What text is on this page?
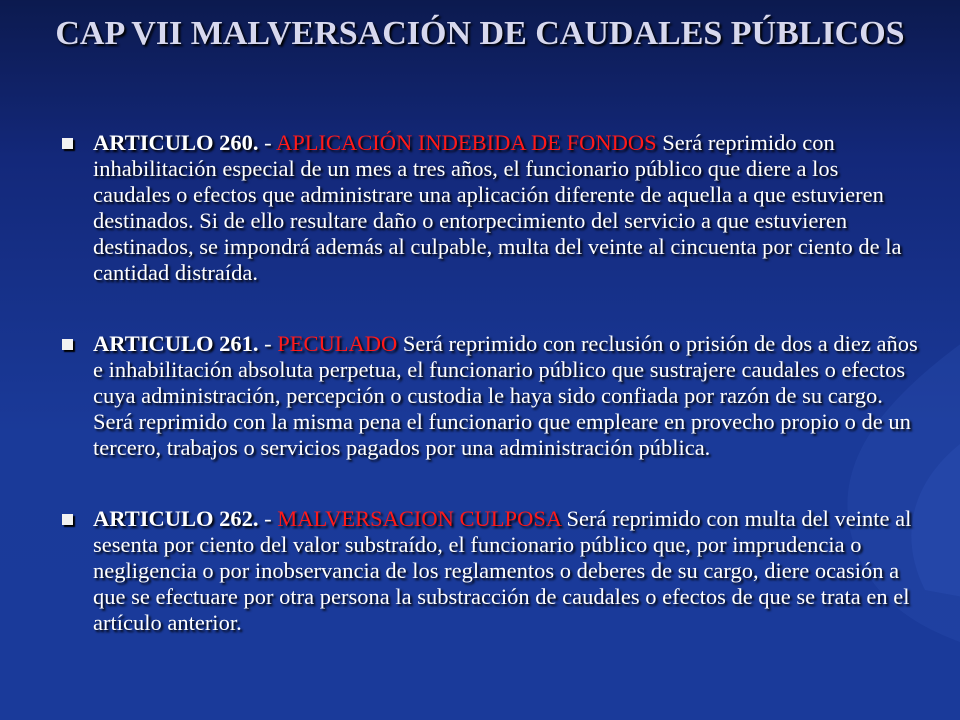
CAP VII MALVERSACIÓN DE CAUDALES PÚBLICOS

ARTICULO 260. - APLICACIÓN INDEBIDA DE FONDOS Será reprimido con inhabilitación especial de un mes a tres años, el funcionario público que diere a los caudales o efectos que administrare una aplicación diferente de aquella a que estuvieren destinados. Si de ello resultare daño o entorpecimiento del servicio a que estuvieren destinados, se impondrá además al culpable, multa del veinte al cincuenta por ciento de la cantidad distraída.

ARTICULO 261. - PECULADO Será reprimido con reclusión o prisión de dos a diez años e inhabilitación absoluta perpetua, el funcionario público que sustrajere caudales o efectos cuya administración, percepción o custodia le haya sido confiada por razón de su cargo. Será reprimido con la misma pena el funcionario que empleare en provecho propio o de un tercero, trabajos o servicios pagados por una administración pública.

ARTICULO 262. - MALVERSACION CULPOSA Será reprimido con multa del veinte al sesenta por ciento del valor substraído, el funcionario público que, por imprudencia o negligencia o por inobservancia de los reglamentos o deberes de su cargo, diere ocasión a que se efectuare por otra persona la substracción de caudales o efectos de que se trata en el artículo anterior.
